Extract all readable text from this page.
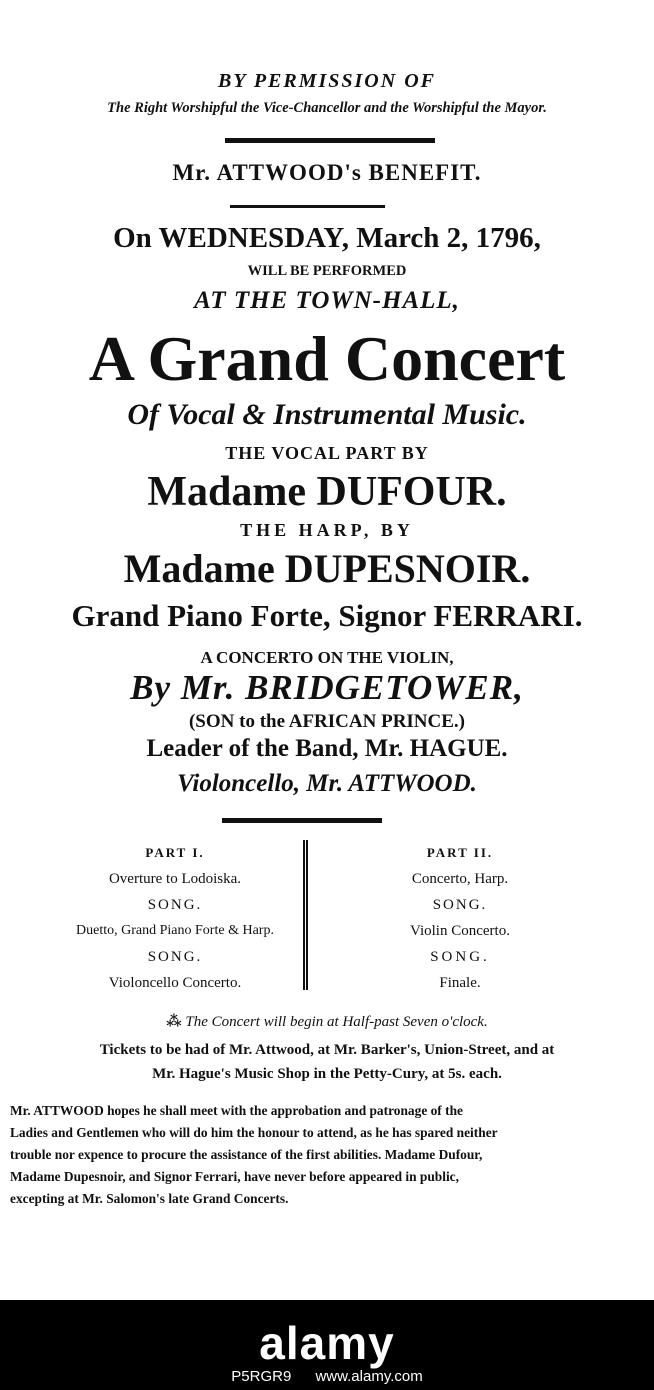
BY PERMISSION OF
The Right Worshipful the Vice-Chancellor and the Worshipful the Mayor.
Mr. ATTWOOD's BENEFIT.
On WEDNESDAY, March 2, 1796,
WILL BE PERFORMED
AT THE TOWN-HALL,
A Grand Concert
Of Vocal & Instrumental Music.
THE VOCAL PART BY
Madame DUFOUR.
THE HARP, BY
Madame DUPESNOIR.
Grand Piano Forte, Signor FERRARI.
A CONCERTO ON THE VIOLIN,
By Mr. BRIDGETOWER,
(SON to the AFRICAN PRINCE.)
Leader of the Band, Mr. HAGUE.
Violoncello, Mr. ATTWOOD.
PART I.
Overture to Lodoiska.
SONG.
Duetto, Grand Piano Forte & Harp.
SONG.
Violoncello Concerto.
PART II.
Concerto, Harp.
SONG.
Violin Concerto.
SONG.
Finale.
⁂ The Concert will begin at Half-past Seven o'clock.
Tickets to be had of Mr. Attwood, at Mr. Barker's, Union-Street, and at
Mr. Hague's Music Shop in the Petty-Cury, at 5s. each.
Mr. ATTWOOD hopes he shall meet with the approbation and patronage of the
Ladies and Gentlemen who will do him the honour to attend, as he has spared neither
trouble nor expence to procure the assistance of the first abilities. Madame Dufour,
Madame Dupesnoir, and Signor Ferrari, have never before appeared in public,
excepting at Mr. Salomon's late Grand Concerts.
alamy
P5RGR9 www.alamy.com
